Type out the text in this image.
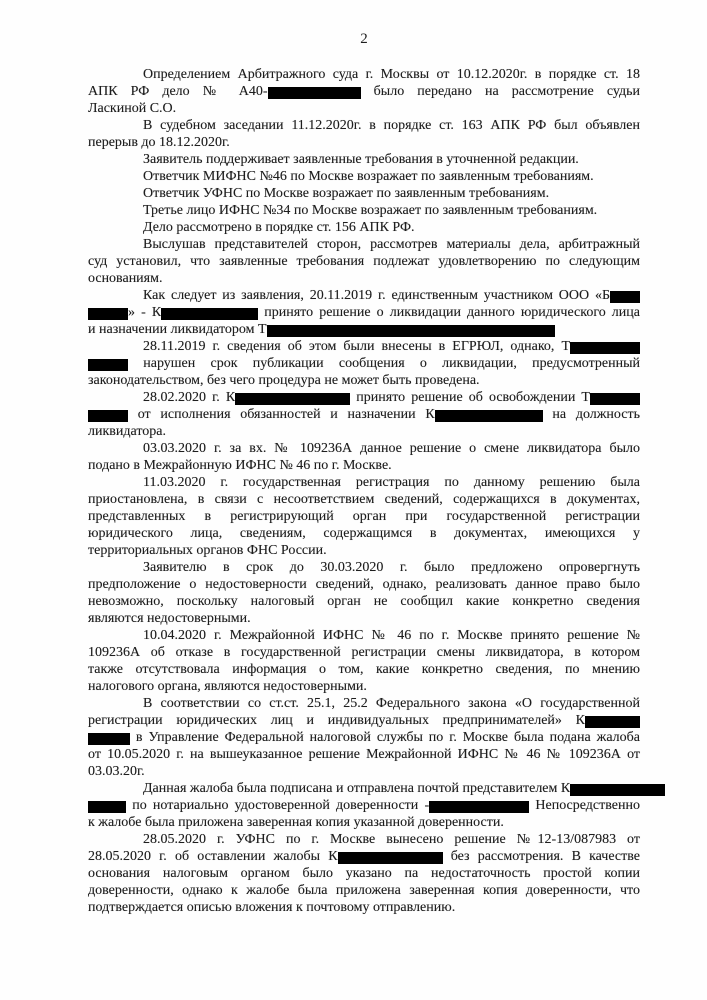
2
Определением Арбитражного суда г. Москвы от 10.12.2020г. в порядке ст. 18
АПК РФ дело № А40-	было передано на рассмотрение судьи
Ласкиной С.О.
В судебном заседании 11.12.2020г. в порядке ст. 163 АПК РФ был объявлен
перерыв до 18.12.2020г.
Заявитель поддерживает заявленные требования в уточненной редакции.
Ответчик МИФНС №46 по Москве возражает по заявленным требованиям.
Ответчик УФНС по Москве возражает по заявленным требованиям.
Третье лицо ИФНС №34 по Москве возражает по заявленным требованиям.
Дело рассмотрено в порядке ст. 156 АПК РФ.
Выслушав представителей сторон, рассмотрев материалы дела, арбитражный
суд установил, что заявленные требования подлежат удовлетворению по следующим
основаниям.
Как следует из заявления, 20.11.2019 г. единственным участником ООО «Б
» - К	принято решение о ликвидации данного юридического лица
и назначении ликвидатором Т
28.11.2019 г. сведения об этом были внесены в ЕГРЮЛ, однако, Т
нарушен срок публикации сообщения о ликвидации, предусмотренный
законодательством, без чего процедура не может быть проведена.
28.02.2020 г. К	принято решение об освобождении Т
от исполнения обязанностей и назначении К	на должность
ликвидатора.
03.03.2020 г. за вх. № 109236А данное решение о смене ликвидатора было
подано в Межрайонную ИФНС № 46 по г. Москве.
11.03.2020 г. государственная регистрация по данному решению была
приостановлена, в связи с несоответствием сведений, содержащихся в документах,
представленных в регистрирующий орган при государственной регистрации
юридического лица, сведениям, содержащимся в документах, имеющихся у
территориальных органов ФНС России.
Заявителю в срок до 30.03.2020 г. было предложено опровергнуть
предположение о недостоверности сведений, однако, реализовать данное право было
невозможно, поскольку налоговый орган не сообщил какие конкретно сведения
являются недостоверными.
10.04.2020 г. Межрайонной ИФНС № 46 по г. Москве принято решение №
109236А об отказе в государственной регистрации смены ликвидатора, в котором
также отсутствовала информация о том, какие конкретно сведения, по мнению
налогового органа, являются недостоверными.
В соответствии со ст.ст. 25.1, 25.2 Федерального закона «О государственной
регистрации юридических лиц и индивидуальных предпринимателей» К
в Управление Федеральной налоговой службы по г. Москве была подана жалоба
от 10.05.2020 г. на вышеуказанное решение Межрайонной ИФНС № 46 № 109236А от
03.03.20г.
Данная жалоба была подписана и отправлена почтой представителем К
по нотариально удостоверенной доверенности -	Непосредственно
к жалобе была приложена заверенная копия указанной доверенности.
28.05.2020 г. УФНС по г. Москве вынесено решение №12-13/087983 от
28.05.2020 г. об оставлении жалобы К	без рассмотрения. В качестве
основания налоговым органом было указано па недостаточность простой копии
доверенности, однако к жалобе была приложена заверенная копия доверенности, что
подтверждается описью вложения к почтовому отправлению.
